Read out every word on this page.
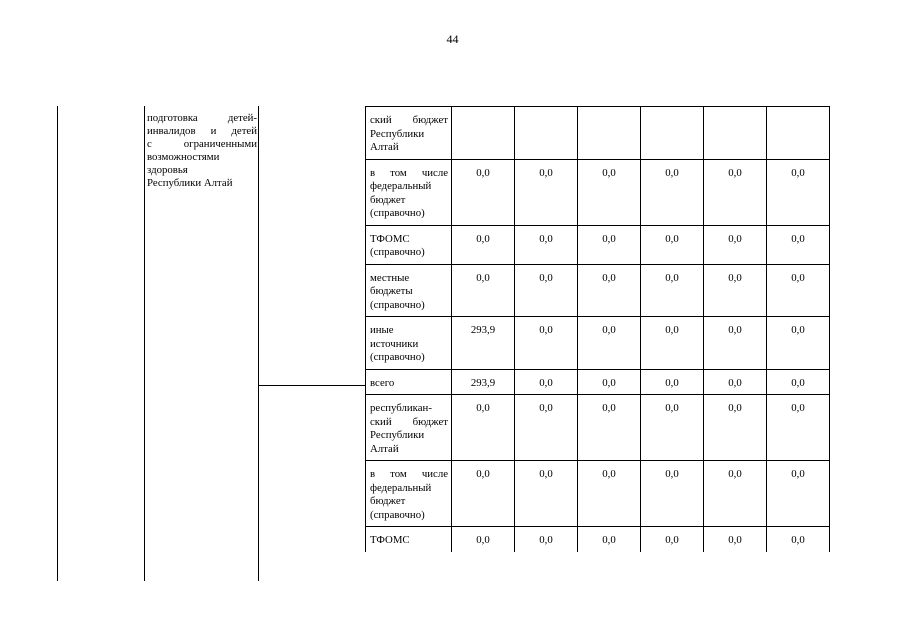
44
подготовка детей-
инвалидов и детей
с ограниченными
возможностями
здоровья
Республики Алтай
ский бюджет
Республики
Алтай						

в том числе
федеральный
бюджет
(справочно)	0,0	0,0	0,0	0,0	0,0	0,0

ТФОМС
(справочно)	0,0	0,0	0,0	0,0	0,0	0,0

местные
бюджеты
(справочно)	0,0	0,0	0,0	0,0	0,0	0,0

иные
источники
(справочно)	293,9	0,0	0,0	0,0	0,0	0,0

всего	293,9	0,0	0,0	0,0	0,0	0,0

республикан-
ский бюджет
Республики
Алтай	0,0	0,0	0,0	0,0	0,0	0,0

в том числе
федеральный
бюджет
(справочно)	0,0	0,0	0,0	0,0	0,0	0,0

ТФОМС	0,0	0,0	0,0	0,0	0,0	0,0
